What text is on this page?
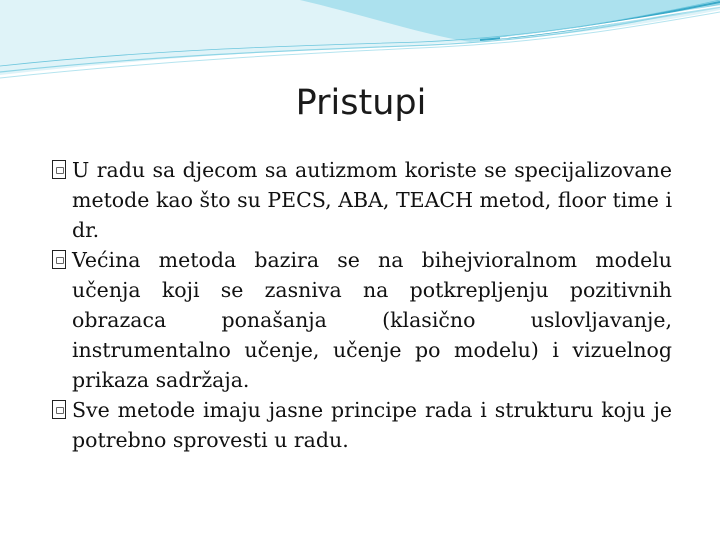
Pristupi

U radu sa djecom sa autizmom koriste se specijalizovane metode kao što su PECS, ABA, TEACH metod, floor time i dr.

Većina metoda bazira se na bihejvioralnom modelu učenja koji se zasniva na potkrepljenju pozitivnih obrazaca ponašanja (klasično uslovljavanje, instrumentalno učenje, učenje po modelu) i vizuelnog prikaza sadržaja.

Sve metode imaju jasne principe rada i strukturu koju je potrebno sprovesti u radu.
